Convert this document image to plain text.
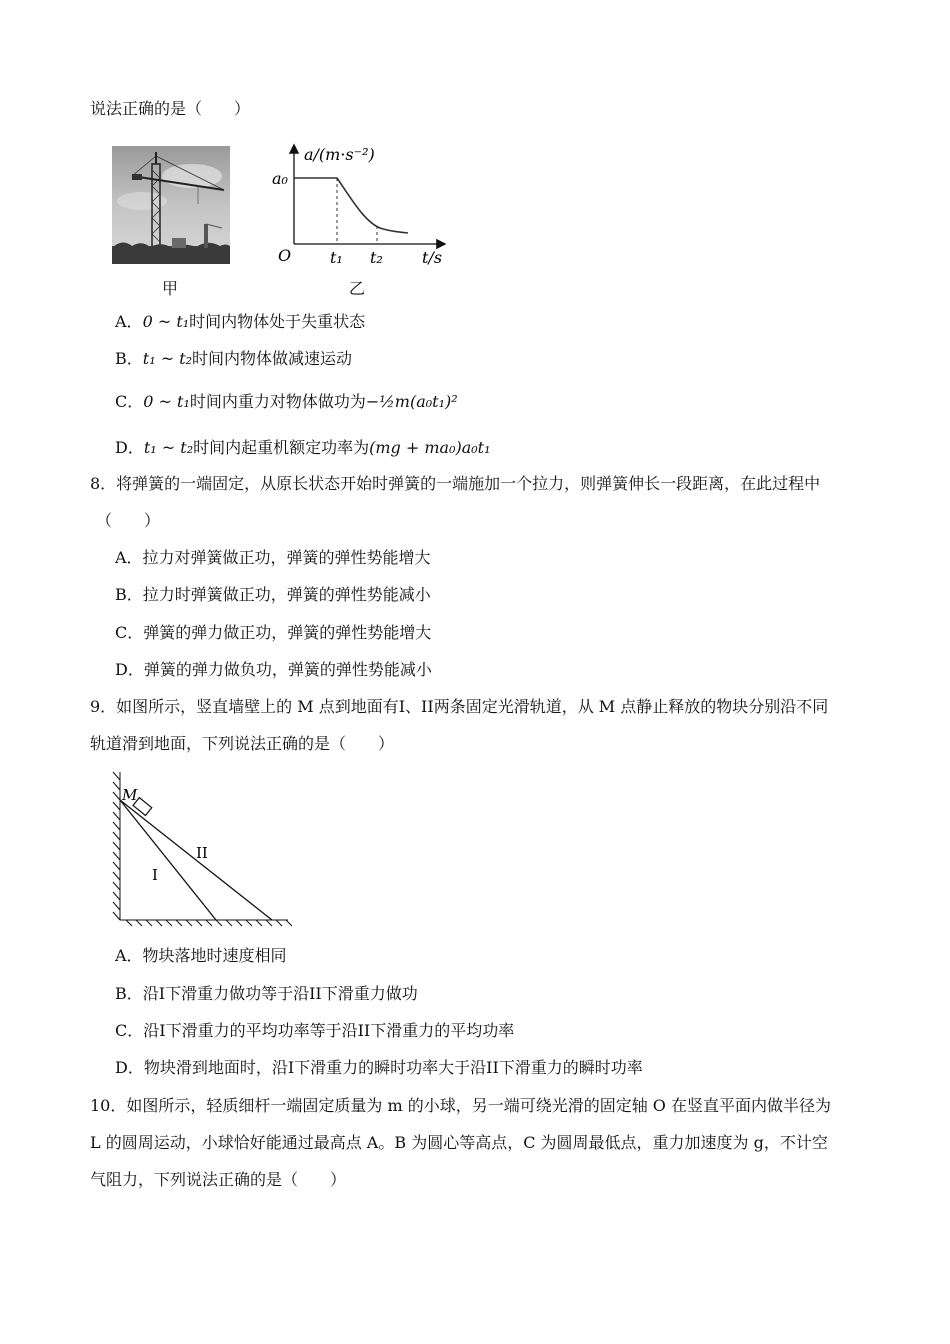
说法正确的是（　　）
甲
a/(m·s⁻²)
a₀
O t₁ t₂ t/s
乙
A．0 ~ t₁时间内物体处于失重状态
B．t₁ ~ t₂时间内物体做减速运动
C．0 ~ t₁时间内重力对物体做功为−½m(a₀t₁)²
D．t₁ ~ t₂时间内起重机额定功率为(mg + ma₀)a₀t₁
8．将弹簧的一端固定，从原长状态开始时弹簧的一端施加一个拉力，则弹簧伸长一段距离，在此过程中
（　　）
A．拉力对弹簧做正功，弹簧的弹性势能增大
B．拉力时弹簧做正功，弹簧的弹性势能减小
C．弹簧的弹力做正功，弹簧的弹性势能增大
D．弹簧的弹力做负功，弹簧的弹性势能减小
9．如图所示，竖直墙壁上的 M 点到地面有I、II两条固定光滑轨道，从 M 点静止释放的物块分别沿不同
轨道滑到地面，下列说法正确的是（　　）
M
I
II
A．物块落地时速度相同
B．沿I下滑重力做功等于沿II下滑重力做功
C．沿I下滑重力的平均功率等于沿II下滑重力的平均功率
D．物块滑到地面时，沿I下滑重力的瞬时功率大于沿II下滑重力的瞬时功率
10．如图所示，轻质细杆一端固定质量为 m 的小球，另一端可绕光滑的固定轴 O 在竖直平面内做半径为
L 的圆周运动，小球恰好能通过最高点 A。B 为圆心等高点，C 为圆周最低点，重力加速度为 g，不计空
气阻力，下列说法正确的是（　　）
